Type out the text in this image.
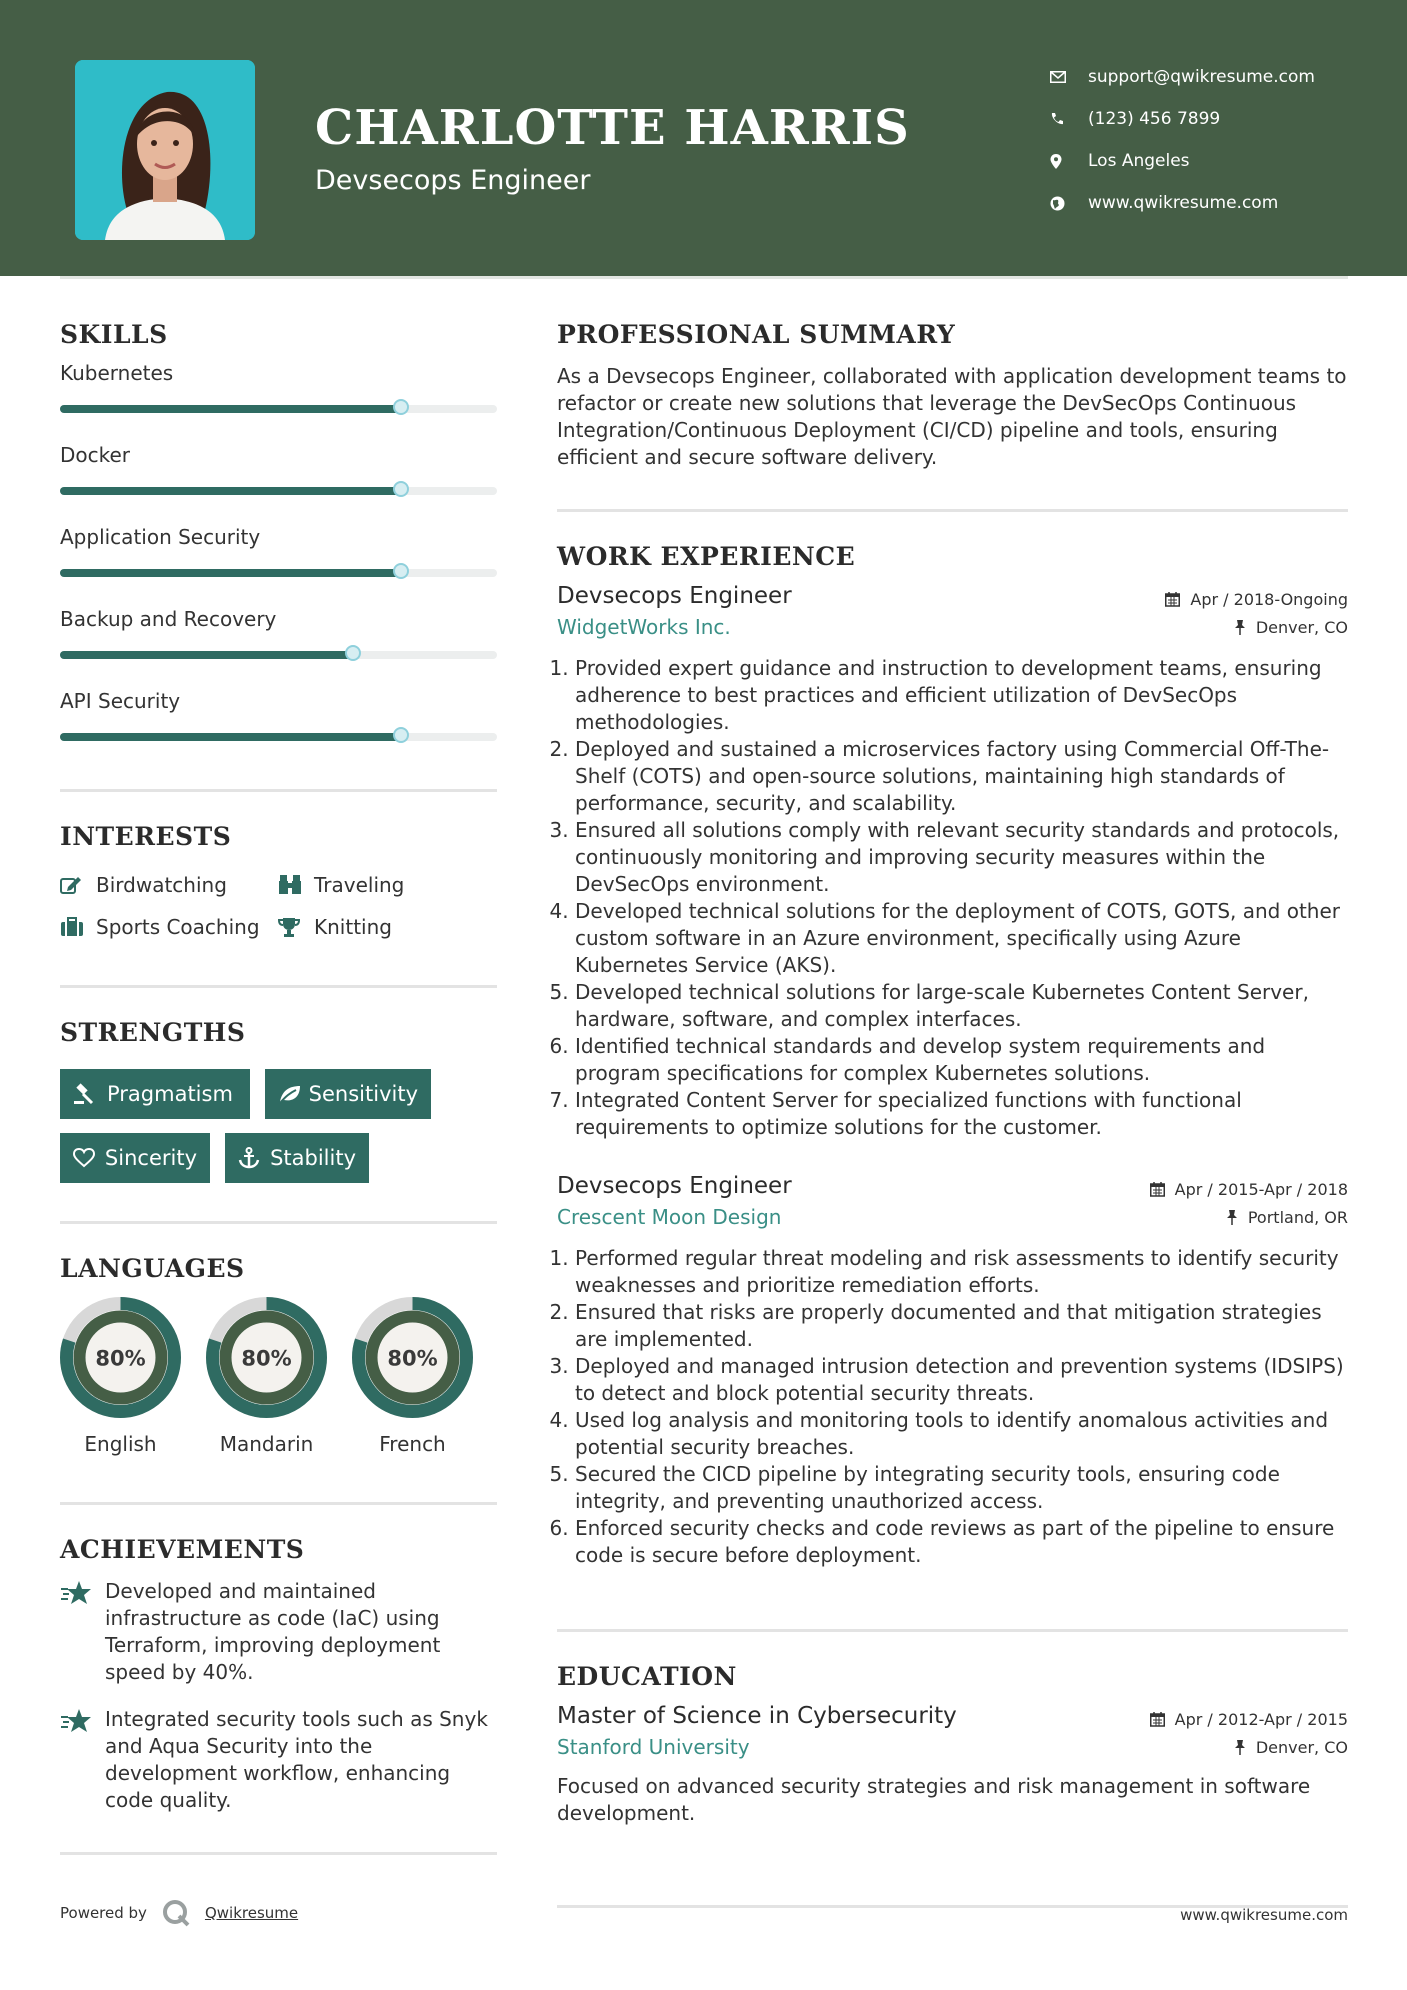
CHARLOTTE HARRIS
Devsecops Engineer
support@qwikresume.com
(123) 456 7899
Los Angeles
www.qwikresume.com
SKILLS
Kubernetes
Docker
Application Security
Backup and Recovery
API Security
INTERESTS
Birdwatching	Traveling
Sports Coaching	Knitting
STRENGTHS
Pragmatism	Sensitivity
Sincerity	Stability
LANGUAGES
80%
English
80%
Mandarin
80%
French
ACHIEVEMENTS
Developed and maintained infrastructure as code (IaC) using Terraform, improving deployment speed by 40%.
Integrated security tools such as Snyk and Aqua Security into the development workflow, enhancing code quality.
PROFESSIONAL SUMMARY
As a Devsecops Engineer, collaborated with application development teams to refactor or create new solutions that leverage the DevSecOps Continuous Integration/Continuous Deployment (CI/CD) pipeline and tools, ensuring efficient and secure software delivery.
WORK EXPERIENCE
Devsecops Engineer	Apr / 2018-Ongoing
WidgetWorks Inc.	Denver, CO
1. Provided expert guidance and instruction to development teams, ensuring adherence to best practices and efficient utilization of DevSecOps methodologies.
2. Deployed and sustained a microservices factory using Commercial Off-The-Shelf (COTS) and open-source solutions, maintaining high standards of performance, security, and scalability.
3. Ensured all solutions comply with relevant security standards and protocols, continuously monitoring and improving security measures within the DevSecOps environment.
4. Developed technical solutions for the deployment of COTS, GOTS, and other custom software in an Azure environment, specifically using Azure Kubernetes Service (AKS).
5. Developed technical solutions for large-scale Kubernetes Content Server, hardware, software, and complex interfaces.
6. Identified technical standards and develop system requirements and program specifications for complex Kubernetes solutions.
7. Integrated Content Server for specialized functions with functional requirements to optimize solutions for the customer.
Devsecops Engineer	Apr / 2015-Apr / 2018
Crescent Moon Design	Portland, OR
1. Performed regular threat modeling and risk assessments to identify security weaknesses and prioritize remediation efforts.
2. Ensured that risks are properly documented and that mitigation strategies are implemented.
3. Deployed and managed intrusion detection and prevention systems (IDSIPS) to detect and block potential security threats.
4. Used log analysis and monitoring tools to identify anomalous activities and potential security breaches.
5. Secured the CICD pipeline by integrating security tools, ensuring code integrity, and preventing unauthorized access.
6. Enforced security checks and code reviews as part of the pipeline to ensure code is secure before deployment.
EDUCATION
Master of Science in Cybersecurity	Apr / 2012-Apr / 2015
Stanford University	Denver, CO
Focused on advanced security strategies and risk management in software development.
Powered by	Qwikresume	www.qwikresume.com
